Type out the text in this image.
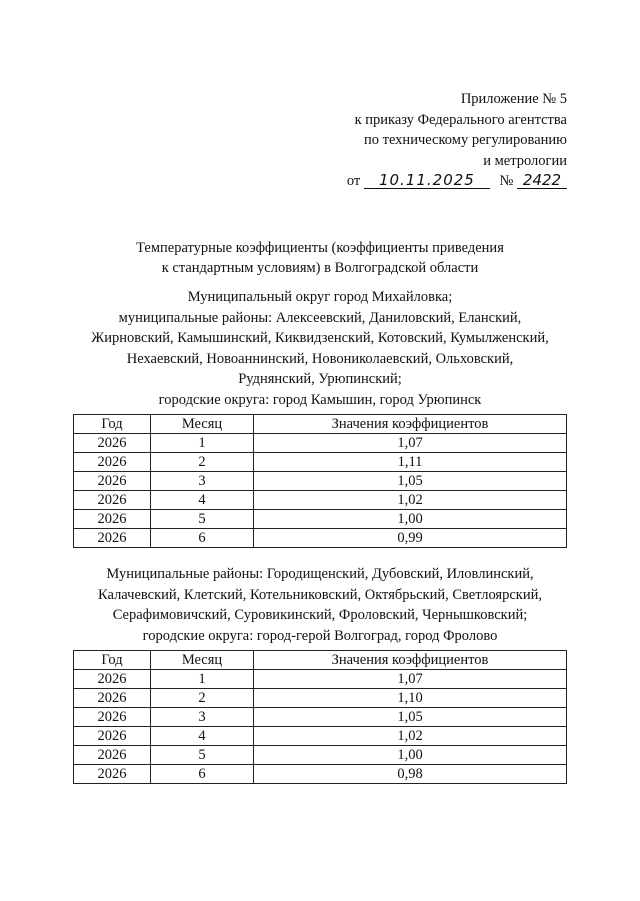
Приложение № 5
к приказу Федерального агентства
по техническому регулированию
и метрологии
от 10.11.2025 № 2422
Температурные коэффициенты (коэффициенты приведения
к стандартным условиям) в Волгоградской области
Муниципальный округ город Михайловка;
муниципальные районы: Алексеевский, Даниловский, Еланский,
Жирновский, Камышинский, Киквидзенский, Котовский, Кумылженский,
Нехаевский, Новоаннинский, Новониколаевский, Ольховский,
Руднянский, Урюпинский;
городские округа: город Камышин, город Урюпинск
Год	Месяц	Значения коэффициентов
2026	1	1,07
2026	2	1,11
2026	3	1,05
2026	4	1,02
2026	5	1,00
2026	6	0,99
Муниципальные районы: Городищенский, Дубовский, Иловлинский,
Калачевский, Клетский, Котельниковский, Октябрьский, Светлоярский,
Серафимовичский, Суровикинский, Фроловский, Чернышковский;
городские округа: город-герой Волгоград, город Фролово
Год	Месяц	Значения коэффициентов
2026	1	1,07
2026	2	1,10
2026	3	1,05
2026	4	1,02
2026	5	1,00
2026	6	0,98
